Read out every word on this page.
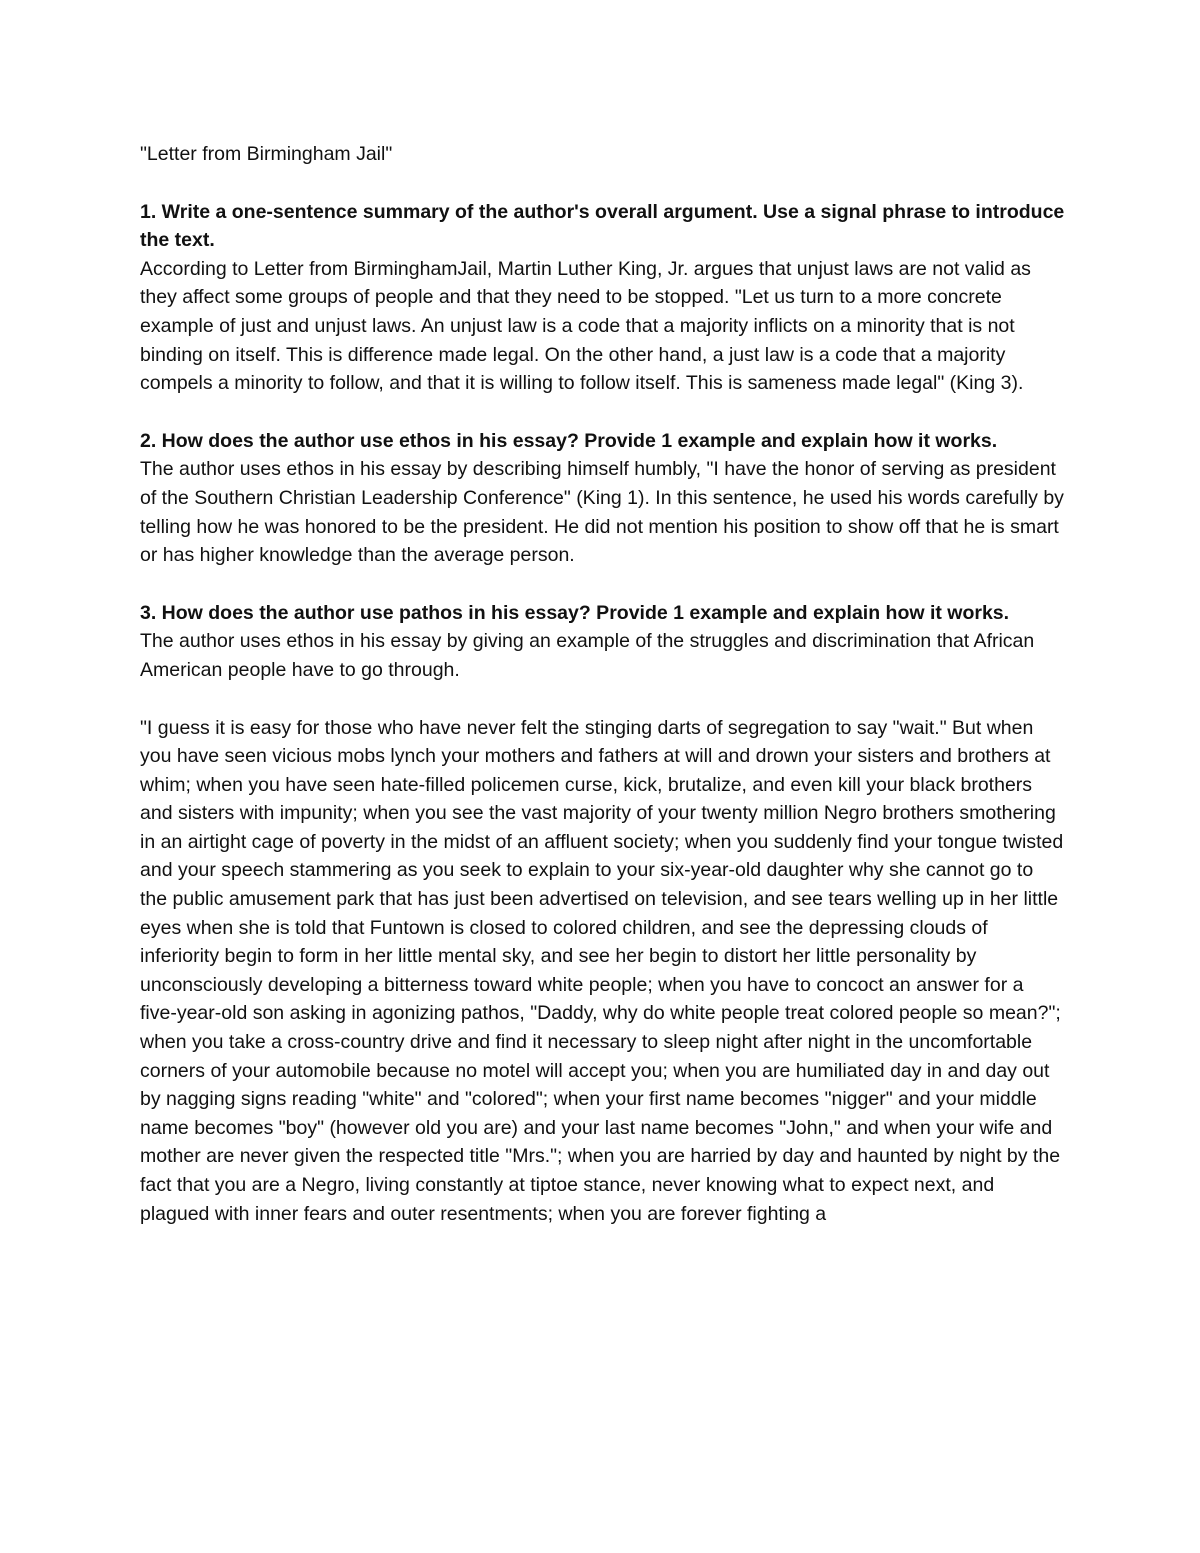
"Letter from Birmingham Jail"

1. Write a one-sentence summary of the author's overall argument. Use a signal phrase to introduce the text.

According to Letter from BirminghamJail, Martin Luther King, Jr. argues that unjust laws are not valid as they affect some groups of people and that they need to be stopped. "Let us turn to a more concrete example of just and unjust laws. An unjust law is a code that a majority inflicts on a minority that is not binding on itself. This is difference made legal. On the other hand, a just law is a code that a majority compels a minority to follow, and that it is willing to follow itself. This is sameness made legal" (King 3).

2. How does the author use ethos in his essay? Provide 1 example and explain how it works.

The author uses ethos in his essay by describing himself humbly, "I have the honor of serving as president of the Southern Christian Leadership Conference" (King 1). In this sentence, he used his words carefully by telling how he was honored to be the president. He did not mention his position to show off that he is smart or has higher knowledge than the average person.

3. How does the author use pathos in his essay? Provide 1 example and explain how it works.

The author uses ethos in his essay by giving an example of the struggles and discrimination that African American people have to go through.

"I guess it is easy for those who have never felt the stinging darts of segregation to say "wait." But when you have seen vicious mobs lynch your mothers and fathers at will and drown your sisters and brothers at whim; when you have seen hate-filled policemen curse, kick, brutalize, and even kill your black brothers and sisters with impunity; when you see the vast majority of your twenty million Negro brothers smothering in an airtight cage of poverty in the midst of an affluent society; when you suddenly find your tongue twisted and your speech stammering as you seek to explain to your six-year-old daughter why she cannot go to the public amusement park that has just been advertised on television, and see tears welling up in her little eyes when she is told that Funtown is closed to colored children, and see the depressing clouds of inferiority begin to form in her little mental sky, and see her begin to distort her little personality by unconsciously developing a bitterness toward white people; when you have to concoct an answer for a five-year-old son asking in agonizing pathos, "Daddy, why do white people treat colored people so mean?"; when you take a cross-country drive and find it necessary to sleep night after night in the uncomfortable corners of your automobile because no motel will accept you; when you are humiliated day in and day out by nagging signs reading "white" and "colored"; when your first name becomes "nigger" and your middle name becomes "boy" (however old you are) and your last name becomes "John," and when your wife and mother are never given the respected title "Mrs."; when you are harried by day and haunted by night by the fact that you are a Negro, living constantly at tiptoe stance, never knowing what to expect next, and plagued with inner fears and outer resentments; when you are forever fighting a
